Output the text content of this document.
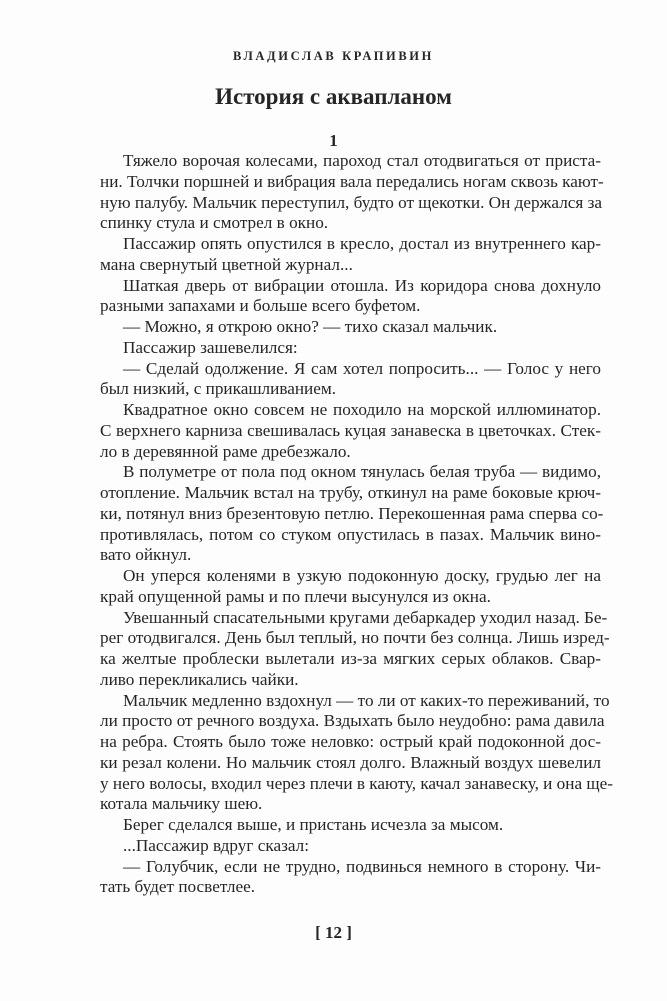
ВЛАДИСЛАВ КРАПИВИН
История с аквапланом
1
Тяжело ворочая колесами, пароход стал отодвигаться от приста-
ни. Толчки поршней и вибрация вала передались ногам сквозь кают-
ную палубу. Мальчик переступил, будто от щекотки. Он держался за
спинку стула и смотрел в окно.
Пассажир опять опустился в кресло, достал из внутреннего кар-
мана свернутый цветной журнал...
Шаткая дверь от вибрации отошла. Из коридора снова дохнуло
разными запахами и больше всего буфетом.
— Можно, я открою окно? — тихо сказал мальчик.
Пассажир зашевелился:
— Сделай одолжение. Я сам хотел попросить... — Голос у него
был низкий, с прикашливанием.
Квадратное окно совсем не походило на морской иллюминатор.
С верхнего карниза свешивалась куцая занавеска в цветочках. Стек-
ло в деревянной раме дребезжало.
В полуметре от пола под окном тянулась белая труба — видимо,
отопление. Мальчик встал на трубу, откинул на раме боковые крюч-
ки, потянул вниз брезентовую петлю. Перекошенная рама сперва со-
противлялась, потом со стуком опустилась в пазах. Мальчик вино-
вато ойкнул.
Он уперся коленями в узкую подоконную доску, грудью лег на
край опущенной рамы и по плечи высунулся из окна.
Увешанный спасательными кругами дебаркадер уходил назад. Бе-
рег отодвигался. День был теплый, но почти без солнца. Лишь изред-
ка желтые проблески вылетали из-за мягких серых облаков. Свар-
ливо перекликались чайки.
Мальчик медленно вздохнул — то ли от каких-то переживаний, то
ли просто от речного воздуха. Вздыхать было неудобно: рама давила
на ребра. Стоять было тоже неловко: острый край подоконной дос-
ки резал колени. Но мальчик стоял долго. Влажный воздух шевелил
у него волосы, входил через плечи в каюту, качал занавеску, и она ще-
котала мальчику шею.
Берег сделался выше, и пристань исчезла за мысом.
...Пассажир вдруг сказал:
— Голубчик, если не трудно, подвинься немного в сторону. Чи-
тать будет посветлее.
[ 12 ]
